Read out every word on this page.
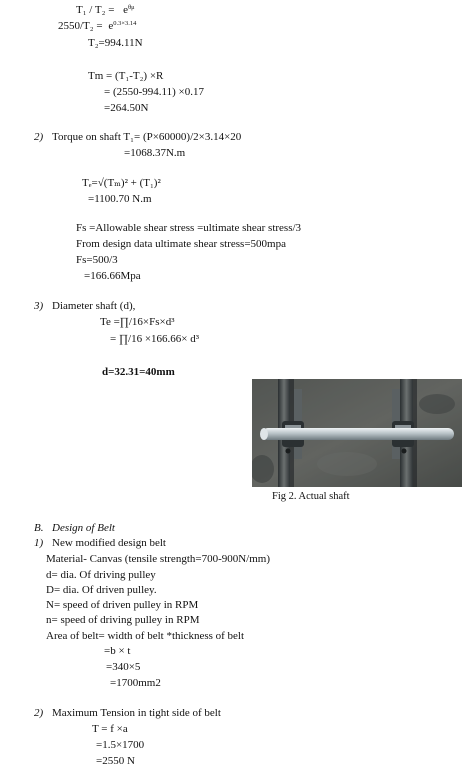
$T_1 / T_2 = e^{\theta\mu}$
$2550/T_2 = e^{0.3\times 3.14}$
T₂=994.11N
Tm = (T₁-T₂) ×R
= (2550-994.11) ×0.17
=264.50N
2) Torque on shaft T₁= (P×60000)/2×3.14×20
=1068.37N.m
Tₑ=√(Tₘ)² + (T₁)²
=1100.70 N.m
Fs =Allowable shear stress =ultimate shear stress/3
From design data ultimate shear stress=500mpa
Fs=500/3
=166.66Mpa
3) Diameter shaft (d),
Te =∏/16×Fs×d³
= ∏/16 ×166.66× d³
d=32.31=40mm
Fig 2. Actual shaft
B. Design of Belt
1) New modified design belt
Material- Canvas (tensile strength=700-900N/mm)
d= dia. Of driving pulley
D= dia. Of driven pulley.
N= speed of driven pulley in RPM
n= speed of driving pulley in RPM
Area of belt= width of belt *thickness of belt
=b × t
=340×5
=1700mm2
2) Maximum Tension in tight side of belt
T = f ×a
=1.5×1700
=2550 N
